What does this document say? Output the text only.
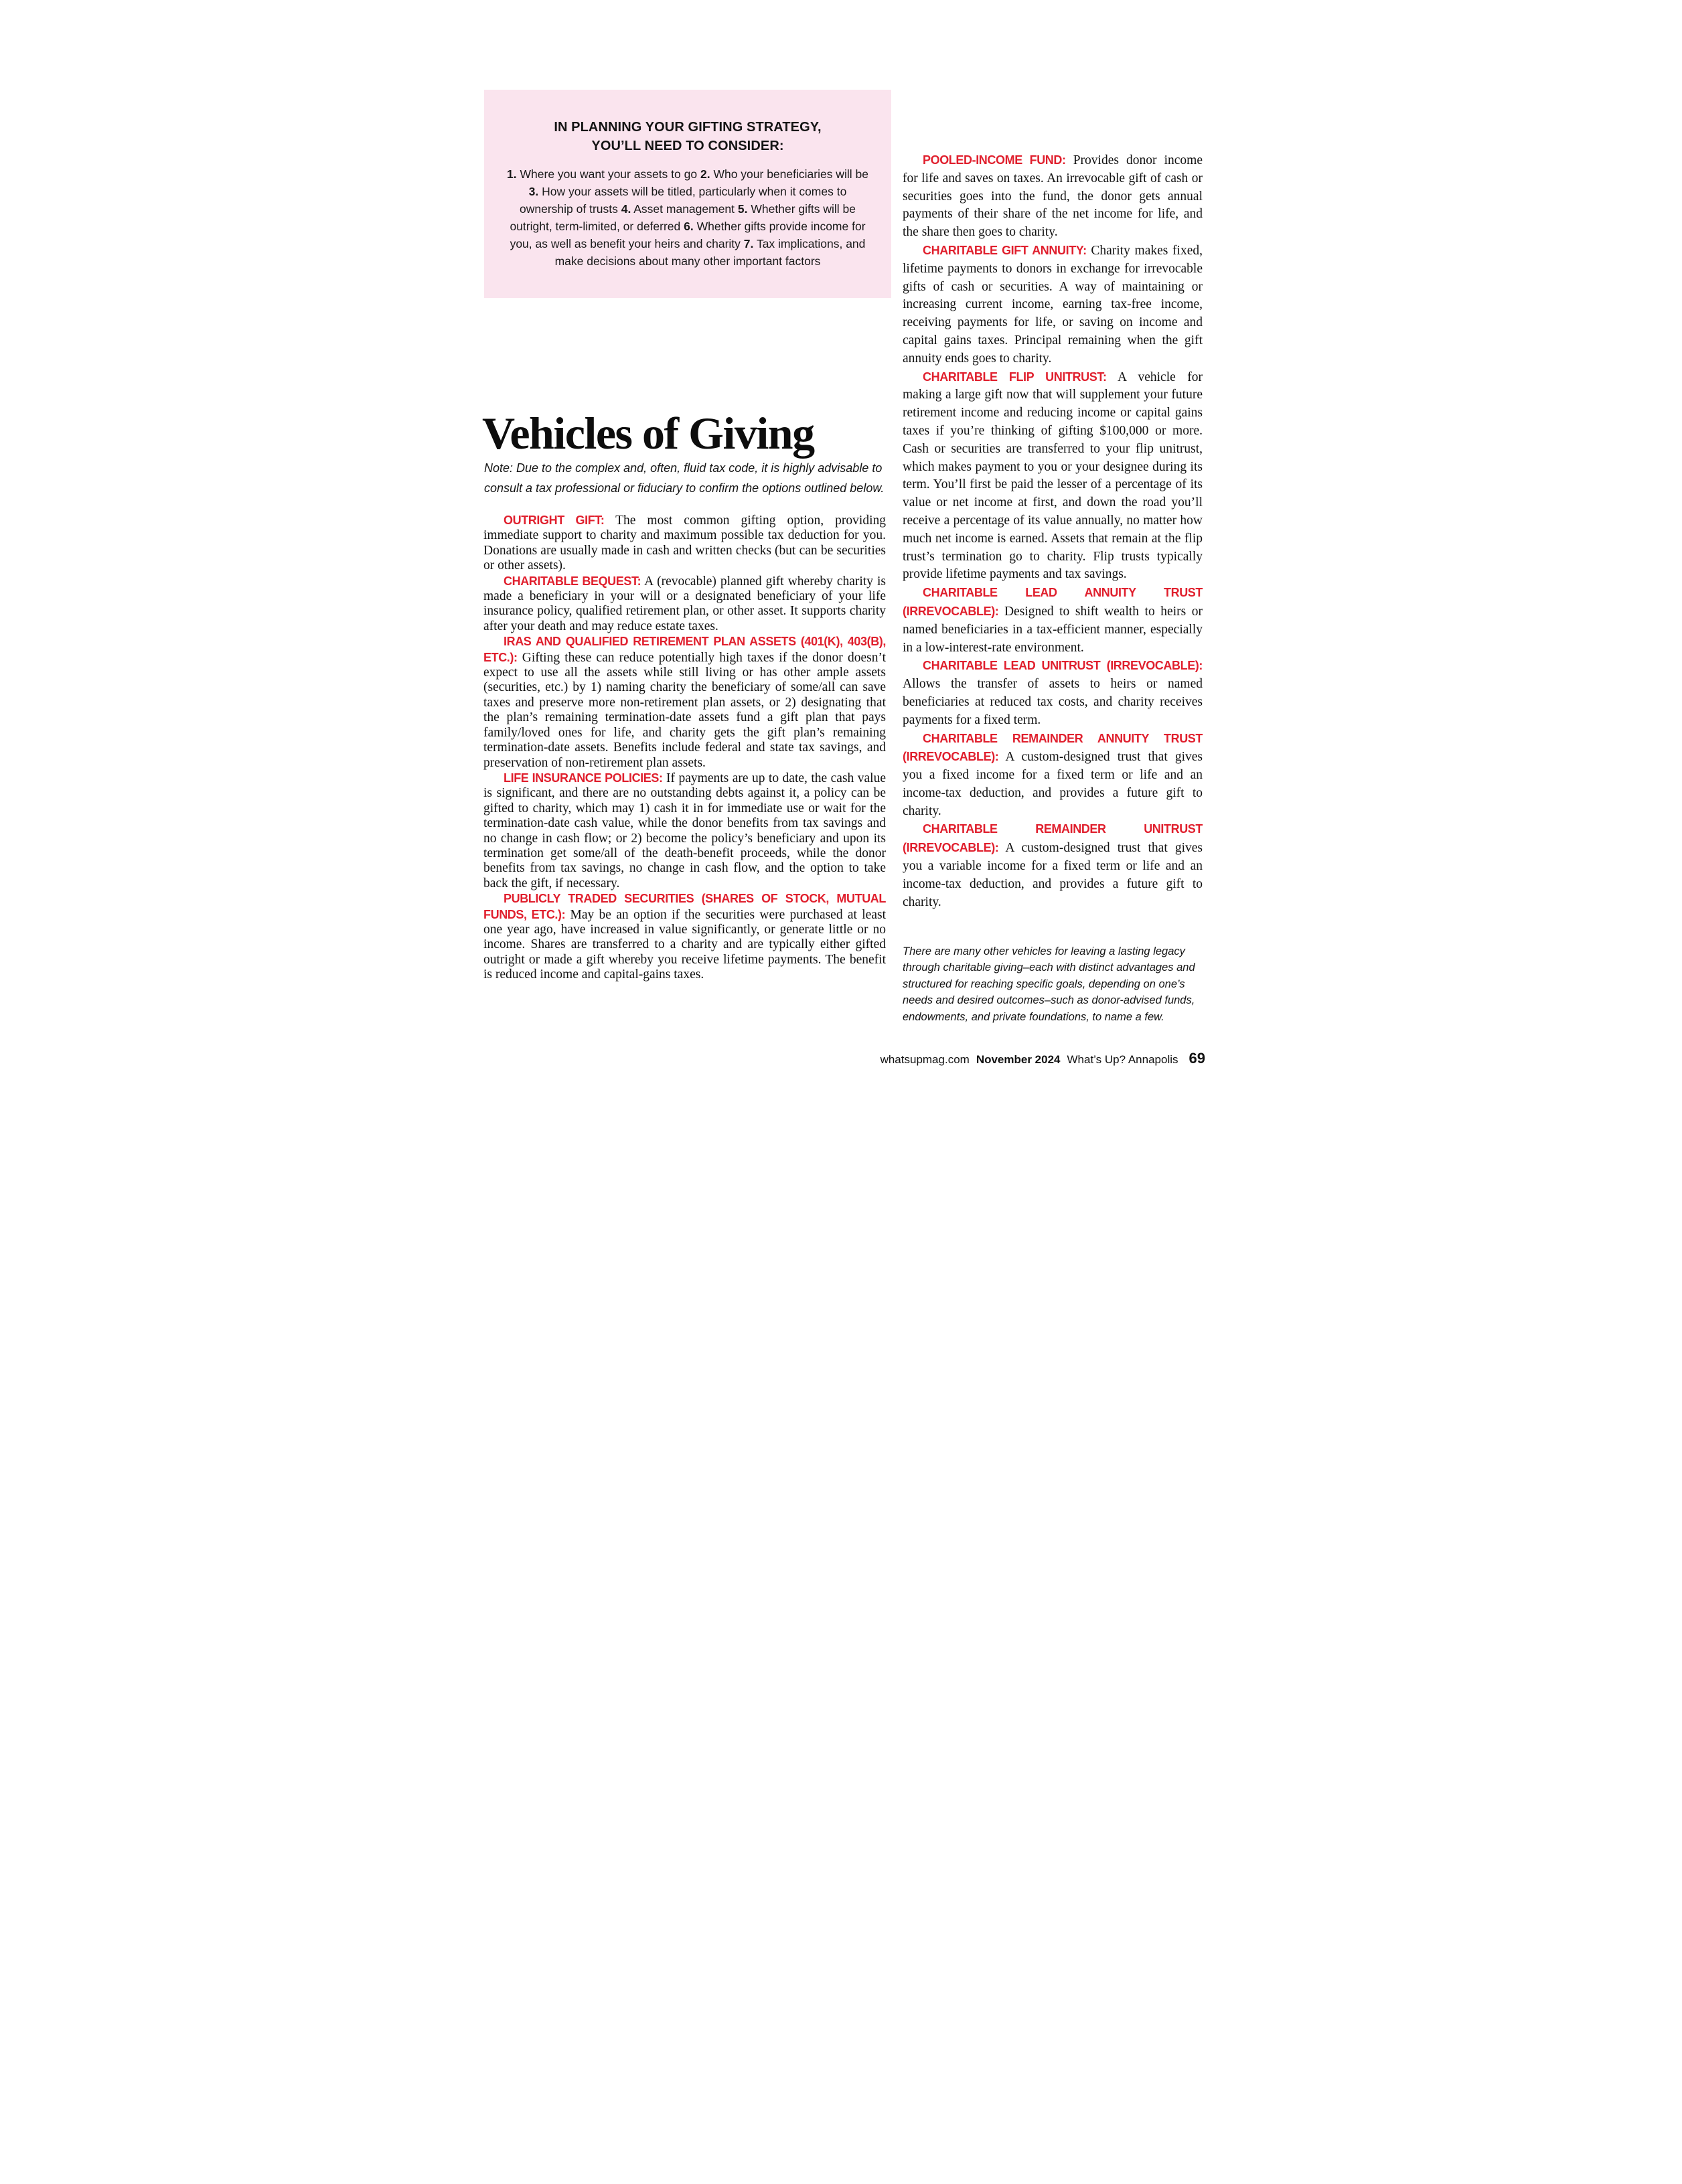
IN PLANNING YOUR GIFTING STRATEGY,
YOU’LL NEED TO CONSIDER:
1. Where you want your assets to go 2. Who your beneficiaries will be 3. How your assets will be titled, particularly when it comes to ownership of trusts 4. Asset management 5. Whether gifts will be outright, term-limited, or deferred 6. Whether gifts provide income for you, as well as benefit your heirs and charity 7. Tax implications, and make decisions about many other important factors
Vehicles of Giving

Note: Due to the complex and, often, fluid tax code, it is highly advisable to consult a tax professional or fiduciary to confirm the options outlined below.

OUTRIGHT GIFT: The most common gifting option, providing immediate support to charity and maximum possible tax deduction for you. Donations are usually made in cash and written checks (but can be securities or other assets).

CHARITABLE BEQUEST: A (revocable) planned gift whereby charity is made a beneficiary in your will or a designated beneficiary of your life insurance policy, qualified retirement plan, or other asset. It supports charity after your death and may reduce estate taxes.

IRAS AND QUALIFIED RETIREMENT PLAN ASSETS (401(K), 403(B), ETC.): Gifting these can reduce potentially high taxes if the donor doesn’t expect to use all the assets while still living or has other ample assets (securities, etc.) by 1) naming charity the beneficiary of some/all can save taxes and preserve more non-retirement plan assets, or 2) designating that the plan’s remaining termination-date assets fund a gift plan that pays family/loved ones for life, and charity gets the gift plan’s remaining termination-date assets. Benefits include federal and state tax savings, and preservation of non-retirement plan assets.

LIFE INSURANCE POLICIES: If payments are up to date, the cash value is significant, and there are no outstanding debts against it, a policy can be gifted to charity, which may 1) cash it in for immediate use or wait for the termination-date cash value, while the donor benefits from tax savings and no change in cash flow; or 2) become the policy’s beneficiary and upon its termination get some/all of the death-benefit proceeds, while the donor benefits from tax savings, no change in cash flow, and the option to take back the gift, if necessary.

PUBLICLY TRADED SECURITIES (SHARES OF STOCK, MUTUAL FUNDS, ETC.): May be an option if the securities were purchased at least one year ago, have increased in value significantly, or generate little or no income. Shares are transferred to a charity and are typically either gifted outright or made a gift whereby you receive lifetime payments. The benefit is reduced income and capital-gains taxes.

POOLED-INCOME FUND: Provides donor income for life and saves on taxes. An irrevocable gift of cash or securities goes into the fund, the donor gets annual payments of their share of the net income for life, and the share then goes to charity.

CHARITABLE GIFT ANNUITY: Charity makes fixed, lifetime payments to donors in exchange for irrevocable gifts of cash or securities. A way of maintaining or increasing current income, earning tax-free income, receiving payments for life, or saving on income and capital gains taxes. Principal remaining when the gift annuity ends goes to charity.

CHARITABLE FLIP UNITRUST: A vehicle for making a large gift now that will supplement your future retirement income and reducing income or capital gains taxes if you’re thinking of gifting $100,000 or more. Cash or securities are transferred to your flip unitrust, which makes payment to you or your designee during its term. You’ll first be paid the lesser of a percentage of its value or net income at first, and down the road you’ll receive a percentage of its value annually, no matter how much net income is earned. Assets that remain at the flip trust’s termination go to charity. Flip trusts typically provide lifetime payments and tax savings.

CHARITABLE LEAD ANNUITY TRUST (IRREVOCABLE): Designed to shift wealth to heirs or named beneficiaries in a tax-efficient manner, especially in a low-interest-rate environment.

CHARITABLE LEAD UNITRUST (IRREVOCABLE): Allows the transfer of assets to heirs or named beneficiaries at reduced tax costs, and charity receives payments for a fixed term.

CHARITABLE REMAINDER ANNUITY TRUST (IRREVOCABLE): A custom-designed trust that gives you a fixed income for a fixed term or life and an income-tax deduction, and provides a future gift to charity.

CHARITABLE REMAINDER UNITRUST (IRREVOCABLE): A custom-designed trust that gives you a variable income for a fixed term or life and an income-tax deduction, and provides a future gift to charity.

There are many other vehicles for leaving a lasting legacy through charitable giving–each with distinct advantages and structured for reaching specific goals, depending on one’s needs and desired outcomes–such as donor-advised funds, endowments, and private foundations, to name a few.

whatsupmag.com November 2024 What’s Up? Annapolis 69
